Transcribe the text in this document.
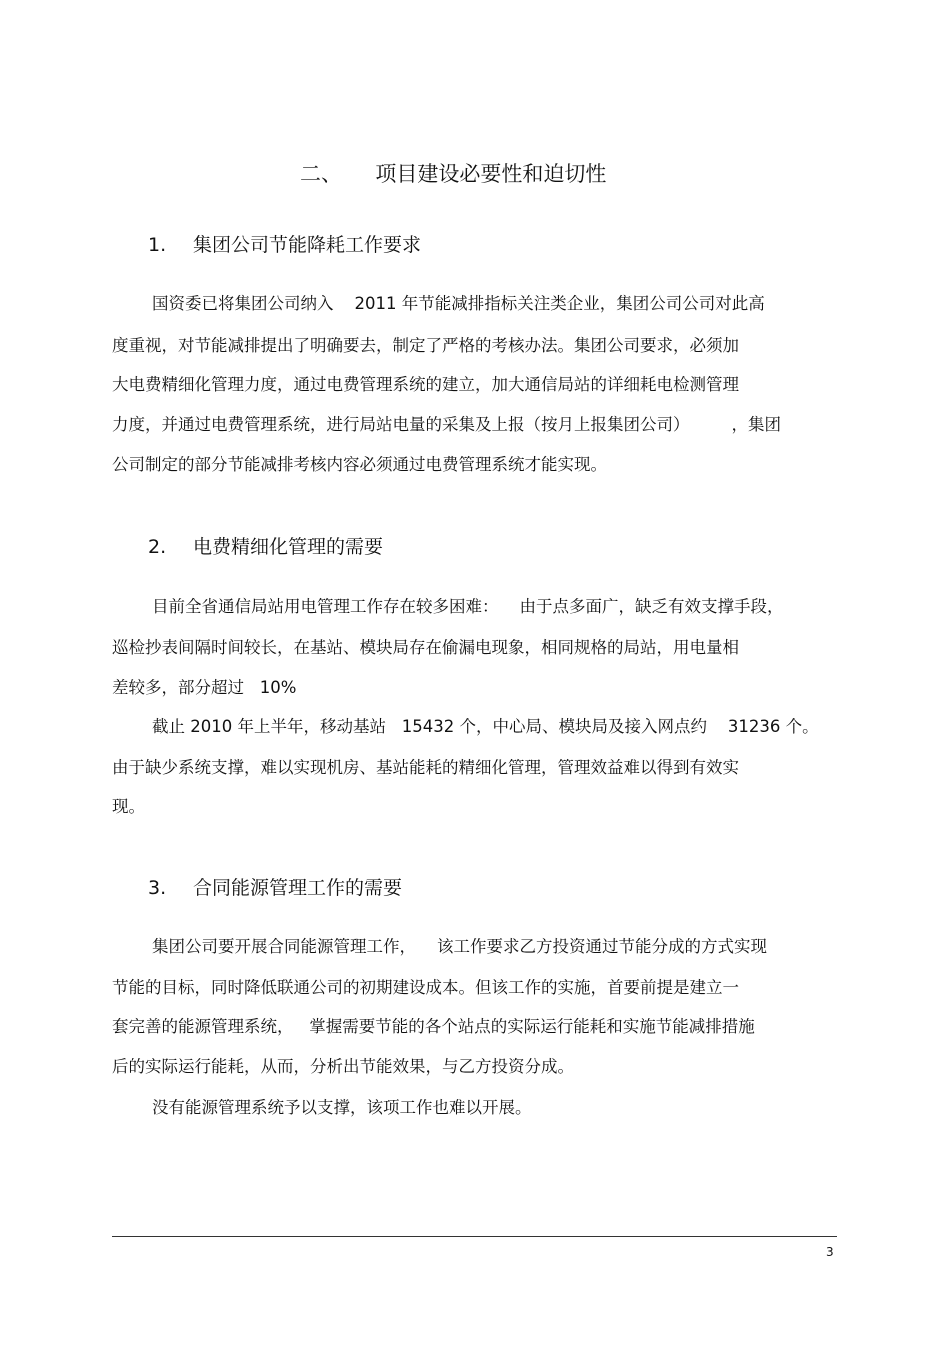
二、     项目建设必要性和迫切性
1. 集团公司节能降耗工作要求
国资委已将集团公司纳入    2011 年节能减排指标关注类企业，集团公司公司对此高
度重视，对节能减排提出了明确要去，制定了严格的考核办法。集团公司要求，必须加
大电费精细化管理力度，通过电费管理系统的建立，加大通信局站的详细耗电检测管理
力度，并通过电费管理系统，进行局站电量的采集及上报（按月上报集团公司）        ，集团
公司制定的部分节能减排考核内容必须通过电费管理系统才能实现。
2. 电费精细化管理的需要
目前全省通信局站用电管理工作存在较多困难：    由于点多面广，缺乏有效支撑手段，
巡检抄表间隔时间较长，在基站、模块局存在偷漏电现象，相同规格的局站，用电量相
差较多，部分超过   10%
截止 2010 年上半年，移动基站   15432 个，中心局、模块局及接入网点约    31236 个。
由于缺少系统支撑，难以实现机房、基站能耗的精细化管理，管理效益难以得到有效实
现。
3. 合同能源管理工作的需要
集团公司要开展合同能源管理工作，    该工作要求乙方投资通过节能分成的方式实现
节能的目标，同时降低联通公司的初期建设成本。但该工作的实施，首要前提是建立一
套完善的能源管理系统，   掌握需要节能的各个站点的实际运行能耗和实施节能减排措施
后的实际运行能耗，从而，分析出节能效果，与乙方投资分成。
没有能源管理系统予以支撑，该项工作也难以开展。
3
